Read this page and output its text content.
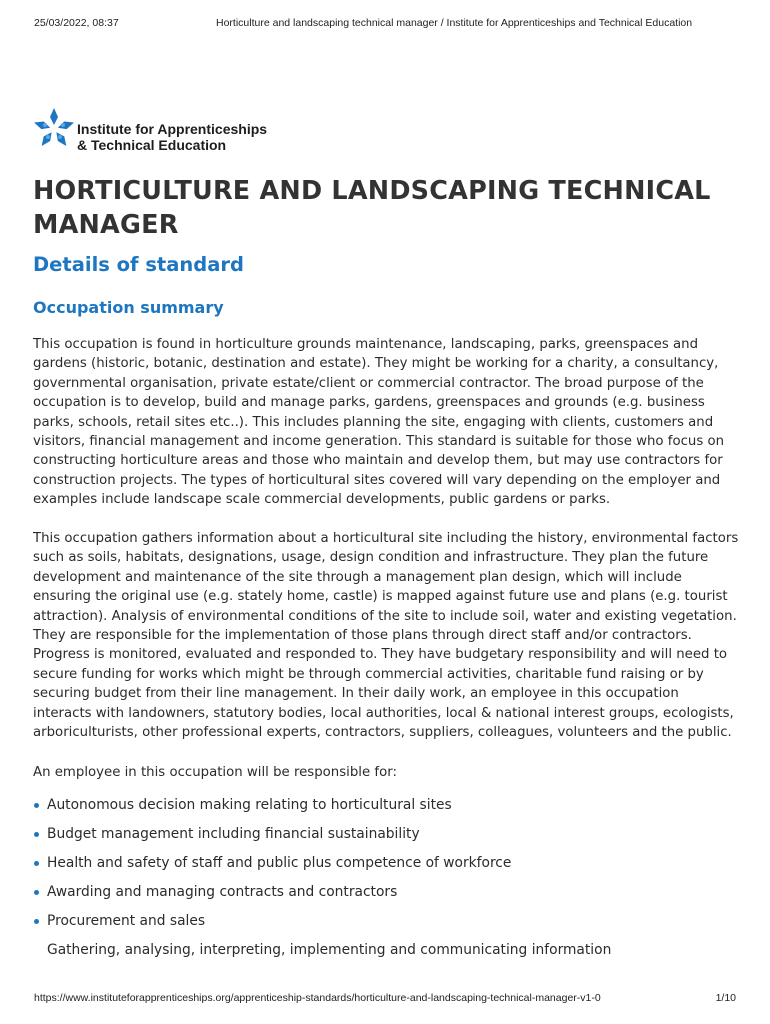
25/03/2022, 08:37	Horticulture and landscaping technical manager / Institute for Apprenticeships and Technical Education
Institute for Apprenticeships
& Technical Education
HORTICULTURE AND LANDSCAPING TECHNICAL MANAGER
Details of standard
Occupation summary

This occupation is found in horticulture grounds maintenance, landscaping, parks, greenspaces and gardens (historic, botanic, destination and estate). They might be working for a charity, a consultancy, governmental organisation, private estate/client or commercial contractor. The broad purpose of the occupation is to develop, build and manage parks, gardens, greenspaces and grounds (e.g. business parks, schools, retail sites etc..). This includes planning the site, engaging with clients, customers and visitors, financial management and income generation. This standard is suitable for those who focus on constructing horticulture areas and those who maintain and develop them, but may use contractors for construction projects. The types of horticultural sites covered will vary depending on the employer and examples include landscape scale commercial developments, public gardens or parks.

This occupation gathers information about a horticultural site including the history, environmental factors such as soils, habitats, designations, usage, design condition and infrastructure. They plan the future development and maintenance of the site through a management plan design, which will include ensuring the original use (e.g. stately home, castle) is mapped against future use and plans (e.g. tourist attraction). Analysis of environmental conditions of the site to include soil, water and existing vegetation. They are responsible for the implementation of those plans through direct staff and/or contractors. Progress is monitored, evaluated and responded to. They have budgetary responsibility and will need to secure funding for works which might be through commercial activities, charitable fund raising or by securing budget from their line management. In their daily work, an employee in this occupation interacts with landowners, statutory bodies, local authorities, local & national interest groups, ecologists, arboriculturists, other professional experts, contractors, suppliers, colleagues, volunteers and the public.

An employee in this occupation will be responsible for:

Autonomous decision making relating to horticultural sites
Budget management including financial sustainability
Health and safety of staff and public plus competence of workforce
Awarding and managing contracts and contractors
Procurement and sales

Gathering, analysing, interpreting, implementing and communicating information

https://www.instituteforapprenticeships.org/apprenticeship-standards/horticulture-and-landscaping-technical-manager-v1-0	1/10
